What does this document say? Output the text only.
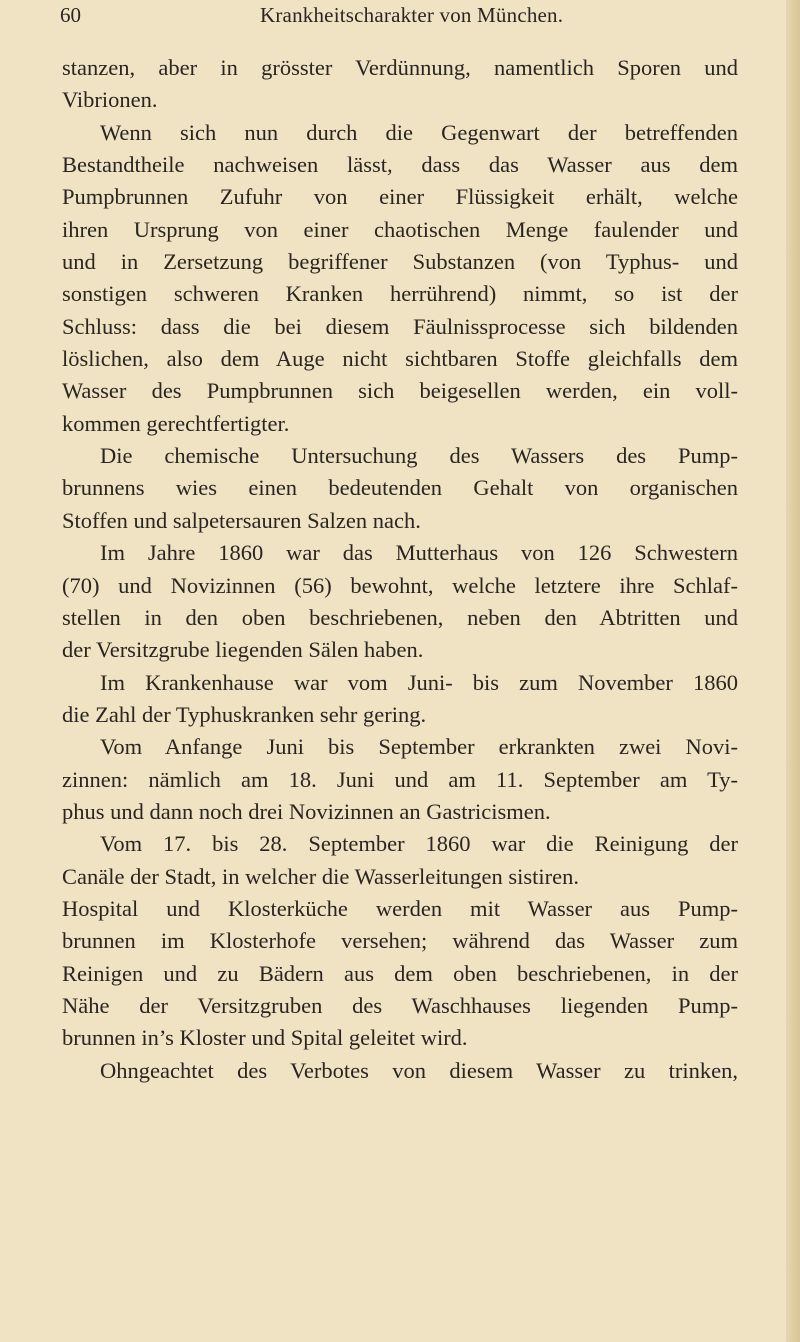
60	Krankheitscharakter von München.
stanzen, aber in grösster Verdünnung, namentlich Sporen und
Vibrionen.
Wenn sich nun durch die Gegenwart der betreffenden
Bestandtheile nachweisen lässt, dass das Wasser aus dem
Pumpbrunnen Zufuhr von einer Flüssigkeit erhält, welche
ihren Ursprung von einer chaotischen Menge faulender und
und in Zersetzung begriffener Substanzen (von Typhus- und
sonstigen schweren Kranken herrührend) nimmt, so ist der
Schluss: dass die bei diesem Fäulnissprocesse sich bildenden
löslichen, also dem Auge nicht sichtbaren Stoffe gleichfalls dem
Wasser des Pumpbrunnen sich beigesellen werden, ein voll-
kommen gerechtfertigter.
Die chemische Untersuchung des Wassers des Pump-
brunnens wies einen bedeutenden Gehalt von organischen
Stoffen und salpetersauren Salzen nach.
Im Jahre 1860 war das Mutterhaus von 126 Schwestern
(70) und Novizinnen (56) bewohnt, welche letztere ihre Schlaf-
stellen in den oben beschriebenen, neben den Abtritten und
der Versitzgrube liegenden Sälen haben.
Im Krankenhause war vom Juni- bis zum November 1860
die Zahl der Typhuskranken sehr gering.
Vom Anfange Juni bis September erkrankten zwei Novi-
zinnen: nämlich am 18. Juni und am 11. September am Ty-
phus und dann noch drei Novizinnen an Gastricismen.
Vom 17. bis 28. September 1860 war die Reinigung der
Canäle der Stadt, in welcher die Wasserleitungen sistiren.
Hospital und Klosterküche werden mit Wasser aus Pump-
brunnen im Klosterhofe versehen; während das Wasser zum
Reinigen und zu Bädern aus dem oben beschriebenen, in der
Nähe der Versitzgruben des Waschhauses liegenden Pump-
brunnen in’s Kloster und Spital geleitet wird.
Ohngeachtet des Verbotes von diesem Wasser zu trinken,
